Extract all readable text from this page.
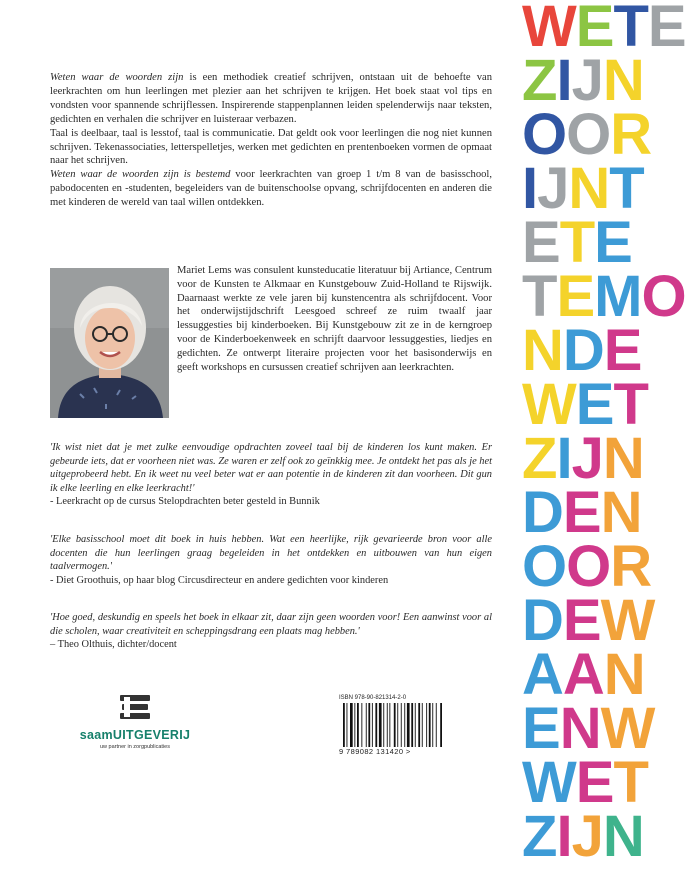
Weten waar de woorden zijn is een methodiek creatief schrijven, ontstaan uit de behoefte van leerkrachten om hun leerlingen met plezier aan het schrijven te krijgen. Het boek staat vol tips en vondsten voor spannende schrijflessen. Inspirerende stappenplannen leiden spelenderwijs naar teksten, gedichten en verhalen die schrijver en luisteraar verbazen.

Taal is deelbaar, taal is lesstof, taal is communicatie. Dat geldt ook voor leerlingen die nog niet kunnen schrijven. Tekenassociaties, letterspelletjes, werken met gedichten en prentenboeken vormen de opmaat naar het schrijven.

Weten waar de woorden zijn is bestemd voor leerkrachten van groep 1 t/m 8 van de basisschool, pabodocenten en -studenten, begeleiders van de buitenschoolse opvang, schrijfdocenten en anderen die met kinderen de wereld van taal willen ontdekken.

Mariet Lems was consulent kunsteducatie literatuur bij Artiance, Centrum voor de Kunsten te Alkmaar en Kunstgebouw Zuid-Holland te Rijswijk. Daarnaast werkte ze vele jaren bij kunstencentra als schrijfdocent. Voor het onderwijstijdschrift Leesgoed schreef ze ruim twaalf jaar lessuggesties bij kinderboeken. Bij Kunstgebouw zit ze in de kerngroep voor de Kinderboekenweek en schrijft daarvoor lessuggesties, liedjes en gedichten. Ze ontwerpt literaire projecten voor het basisonderwijs en geeft workshops en cursussen creatief schrijven aan leerkrachten.
'Ik wist niet dat je met zulke eenvoudige opdrachten zoveel taal bij de kinderen los kunt maken. Er gebeurde iets, dat er voorheen niet was. Ze waren er zelf ook zo geïnkkig mee. Je ontdekt het pas als je het uitgeprobeerd hebt. En ik weet nu veel beter wat er aan potentie in de kinderen zit dan voorheen. Dit gun ik elke leerling en elke leerkracht!'
- Leerkracht op de cursus Stelopdrachten beter gesteld in Bunnik
'Elke basisschool moet dit boek in huis hebben. Wat een heerlijke, rijk gevarieerde bron voor alle docenten die hun leerlingen graag begeleiden in het ontdekken en uitbouwen van hun eigen taalvermogen.'
- Diet Groothuis, op haar blog Circusdirecteur en andere gedichten voor kinderen
'Hoe goed, deskundig en speels het boek in elkaar zit, daar zijn geen woorden voor! Een aanwinst voor al die scholen, waar creativiteit en scheppingsdrang een plaats mag hebben.'
– Theo Olthuis, dichter/docent
saamUITGEVERIJ
uw partner in zorgpublicaties
ISBN 978-90-821314-2-0
9 789082 131420 >
WETE
ZIJN
OOR
IJNT
ETE
TEMO
NDE
WET
ZIJN
DEN
OOR
DEW
AAN
ENW
WET
ZIJN
